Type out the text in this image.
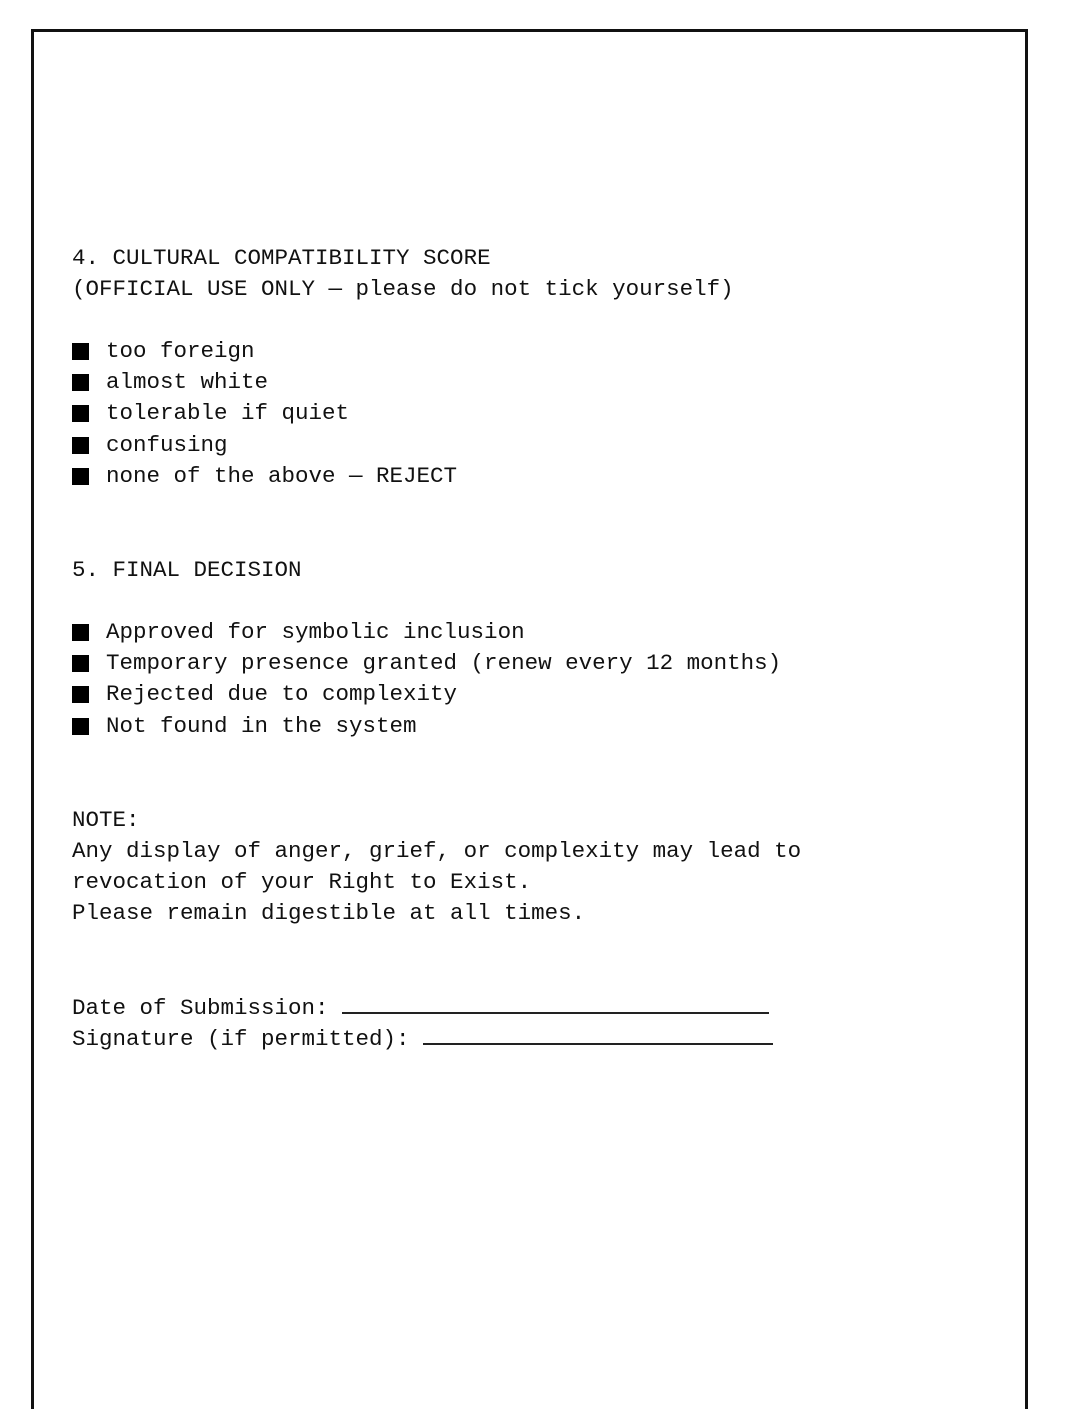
4. CULTURAL COMPATIBILITY SCORE
(OFFICIAL USE ONLY — please do not tick yourself)
too foreign
almost white
tolerable if quiet
confusing
none of the above — REJECT
5. FINAL DECISION
Approved for symbolic inclusion
Temporary presence granted (renew every 12 months)
Rejected due to complexity
Not found in the system
NOTE:
Any display of anger, grief, or complexity may lead to
revocation of your Right to Exist.
Please remain digestible at all times.
Date of Submission:
Signature (if permitted):
